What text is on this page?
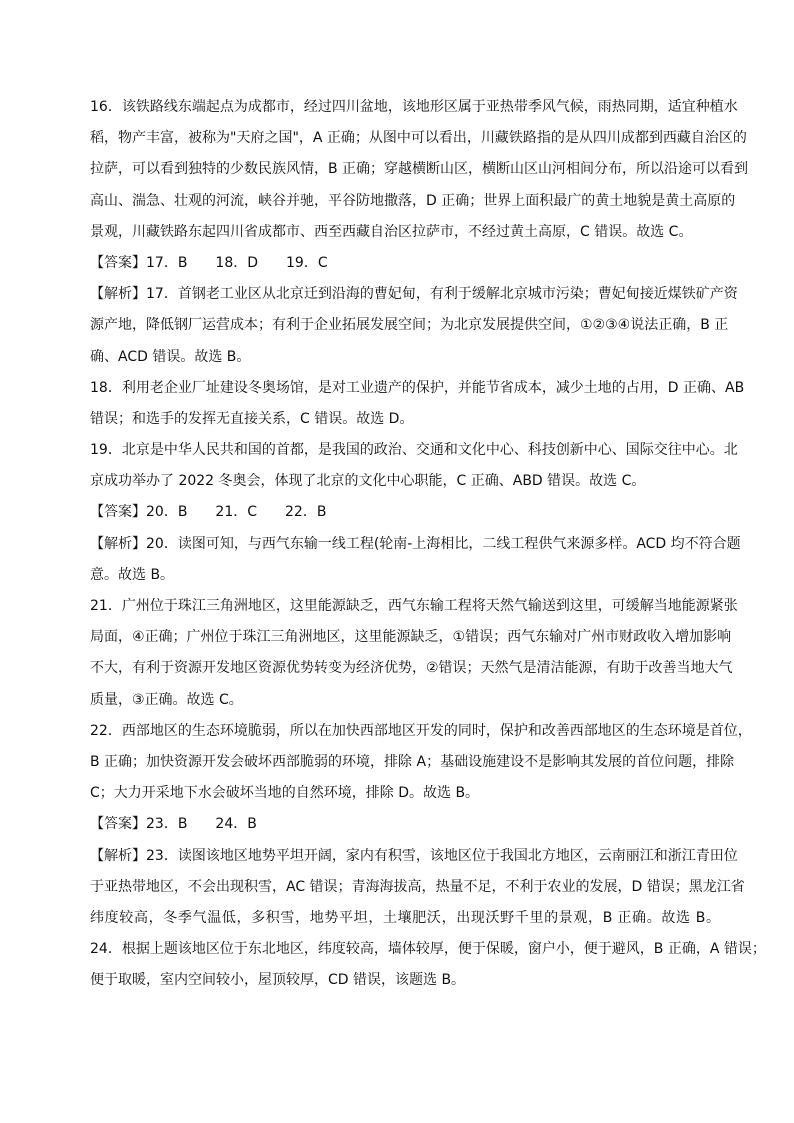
16．该铁路线东端起点为成都市，经过四川盆地，该地形区属于亚热带季风气候，雨热同期，适宜种植水
稻，物产丰富，被称为"天府之国"，A 正确；从图中可以看出，川藏铁路指的是从四川成都到西藏自治区的
拉萨，可以看到独特的少数民族风情，B 正确；穿越横断山区，横断山区山河相间分布，所以沿途可以看到
高山、湍急、壮观的河流，峡谷并驰，平谷防地撒落，D 正确；世界上面积最广的黄土地貌是黄土高原的
景观，川藏铁路东起四川省成都市、西至西藏自治区拉萨市，不经过黄土高原，C 错误。故选 C。
【答案】17．B　　18．D　　19．C
【解析】17．首钢老工业区从北京迁到沿海的曹妃甸，有利于缓解北京城市污染；曹妃甸接近煤铁矿产资
源产地，降低钢厂运营成本；有利于企业拓展发展空间；为北京发展提供空间，①②③④说法正确，B 正
确、ACD 错误。故选 B。
18．利用老企业厂址建设冬奥场馆，是对工业遗产的保护，并能节省成本，减少土地的占用，D 正确、AB
错误；和选手的发挥无直接关系，C 错误。故选 D。
19．北京是中华人民共和国的首都，是我国的政治、交通和文化中心、科技创新中心、国际交往中心。北
京成功举办了 2022 冬奥会，体现了北京的文化中心职能，C 正确、ABD 错误。故选 C。
【答案】20．B　　21．C　　22．B
【解析】20．读图可知，与西气东输一线工程(轮南-上海相比，二线工程供气来源多样。ACD 均不符合题
意。故选 B。
21．广州位于珠江三角洲地区，这里能源缺乏，西气东输工程将天然气输送到这里，可缓解当地能源紧张
局面，④正确；广州位于珠江三角洲地区，这里能源缺乏，①错误；西气东输对广州市财政收入增加影响
不大，有利于资源开发地区资源优势转变为经济优势，②错误；天然气是清洁能源，有助于改善当地大气
质量，③正确。故选 C。
22．西部地区的生态环境脆弱，所以在加快西部地区开发的同时，保护和改善西部地区的生态环境是首位，
B 正确；加快资源开发会破坏西部脆弱的环境，排除 A；基础设施建设不是影响其发展的首位问题，排除
C；大力开采地下水会破坏当地的自然环境，排除 D。故选 B。
【答案】23．B　　24．B
【解析】23．读图该地区地势平坦开阔，家内有积雪，该地区位于我国北方地区，云南丽江和浙江青田位
于亚热带地区，不会出现积雪，AC 错误；青海海拔高，热量不足，不利于农业的发展，D 错误；黑龙江省
纬度较高，冬季气温低，多积雪，地势平坦，土壤肥沃，出现沃野千里的景观，B 正确。故选 B。
24．根据上题该地区位于东北地区，纬度较高，墙体较厚，便于保暖，窗户小，便于避风，B 正确，A 错误；
便于取暖，室内空间较小，屋顶较厚，CD 错误，该题选 B。
